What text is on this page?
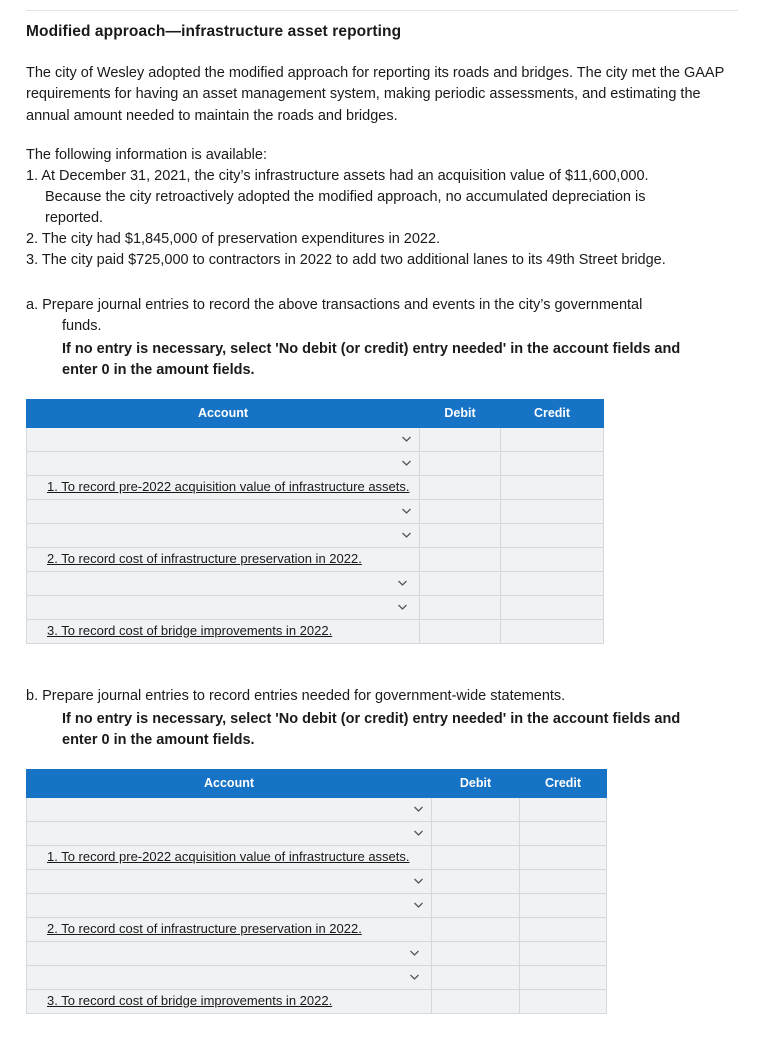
Modified approach—infrastructure asset reporting

The city of Wesley adopted the modified approach for reporting its roads and bridges. The city met the GAAP requirements for having an asset management system, making periodic assessments, and estimating the annual amount needed to maintain the roads and bridges.

The following information is available:

1. At December 31, 2021, the city’s infrastructure assets had an acquisition value of $11,600,000.
Because the city retroactively adopted the modified approach, no accumulated depreciation is
reported.
2. The city had $1,845,000 of preservation expenditures in 2022.
3. The city paid $725,000 to contractors in 2022 to add two additional lanes to its 49th Street bridge.
a. Prepare journal entries to record the above transactions and events in the city’s governmental
funds.
If no entry is necessary, select 'No debit (or credit) entry needed' in the account fields and
enter 0 in the amount fields.
Account	Debit	Credit

1. To record pre-2022 acquisition value of infrastructure assets.		

2. To record cost of infrastructure preservation in 2022.		

3. To record cost of bridge improvements in 2022.		
b. Prepare journal entries to record entries needed for government-wide statements.
If no entry is necessary, select 'No debit (or credit) entry needed' in the account fields and
enter 0 in the amount fields.
Account	Debit	Credit

1. To record pre-2022 acquisition value of infrastructure assets.		

2. To record cost of infrastructure preservation in 2022.		

3. To record cost of bridge improvements in 2022.		
